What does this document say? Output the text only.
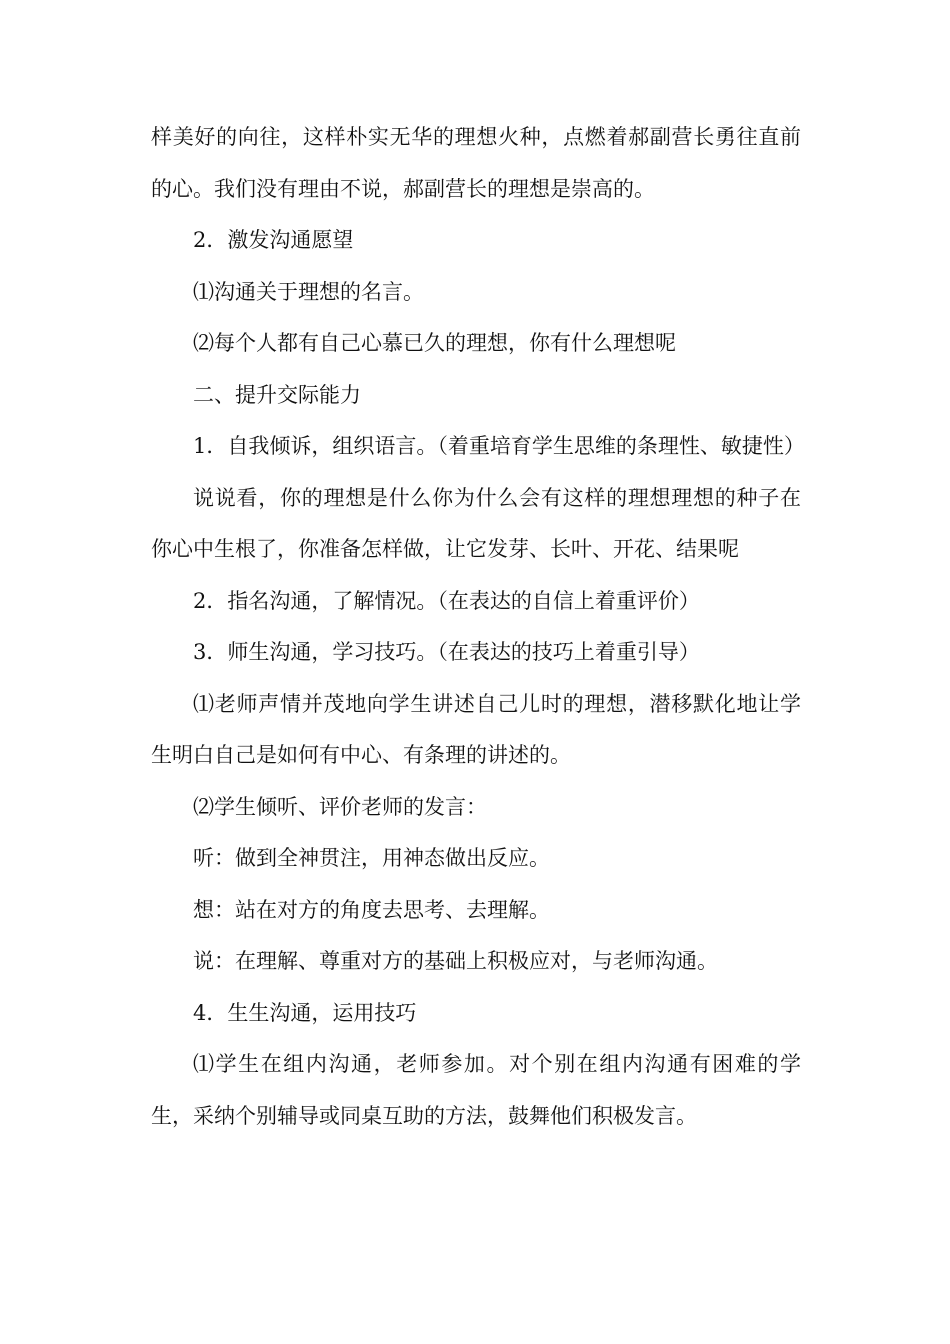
样美好的向往，这样朴实无华的理想火种，点燃着郝副营长勇往直前的心。我们没有理由不说，郝副营长的理想是崇高的。

2．激发沟通愿望

⑴沟通关于理想的名言。

⑵每个人都有自己心慕已久的理想，你有什么理想呢

二、提升交际能力

1．自我倾诉，组织语言。（着重培育学生思维的条理性、敏捷性）

说说看，你的理想是什么你为什么会有这样的理想理想的种子在你心中生根了，你准备怎样做，让它发芽、长叶、开花、结果呢

2．指名沟通，了解情况。（在表达的自信上着重评价）

3．师生沟通，学习技巧。（在表达的技巧上着重引导）

⑴老师声情并茂地向学生讲述自己儿时的理想，潜移默化地让学生明白自己是如何有中心、有条理的讲述的。

⑵学生倾听、评价老师的发言：

听：做到全神贯注，用神态做出反应。

想：站在对方的角度去思考、去理解。

说：在理解、尊重对方的基础上积极应对，与老师沟通。

4．生生沟通，运用技巧

⑴学生在组内沟通，老师参加。对个别在组内沟通有困难的学生，采纳个别辅导或同桌互助的方法，鼓舞他们积极发言。
